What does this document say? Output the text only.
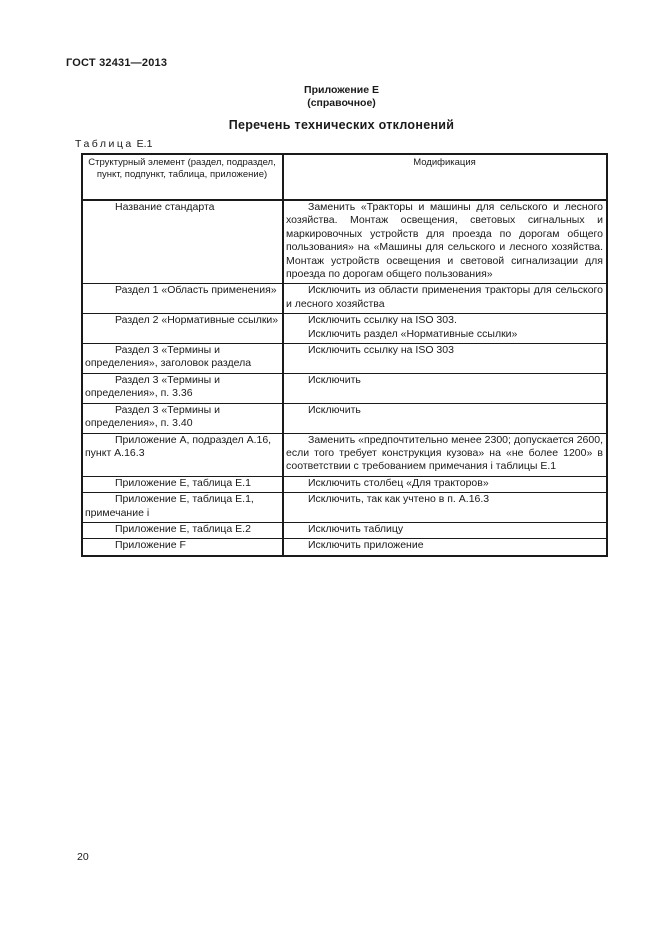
ГОСТ 32431—2013
Приложение Е
(справочное)
Перечень технических отклонений
Таблица Е.1
Структурный элемент (раздел, подраздел, пункт, подпункт, таблица, приложение)	Модификация

Название стандарта	Заменить «Тракторы и машины для сельского и лесного хозяйства. Монтаж освещения, световых сигнальных и маркировочных устройств для проезда по дорогам общего пользования» на «Машины для сельского и лесного хозяйства. Монтаж устройств освещения и световой сигнализации для проезда по дорогам общего пользования»

Раздел 1 «Область применения»	Исключить из области применения тракторы для сельского и лесного хозяйства

Раздел 2 «Нормативные ссылки»	Исключить ссылку на ISO 303.

Исключить раздел «Нормативные ссылки»

Раздел 3 «Термины и определения», заголовок раздела	Исключить ссылку на ISO 303

Раздел 3 «Термины и определения», п. 3.36	Исключить

Раздел 3 «Термины и определения», п. 3.40	Исключить

Приложение А, подраздел А.16, пункт А.16.3	Заменить «предпочтительно менее 2300; допускается 2600, если того требует конструкция кузова» на «не более 1200» в соответствии с требованием примечания i таблицы Е.1

Приложение Е, таблица Е.1	Исключить столбец «Для тракторов»

Приложение Е, таблица Е.1, примечание i	Исключить, так как учтено в п. А.16.3

Приложение Е, таблица Е.2	Исключить таблицу

Приложение F	Исключить приложение

20
